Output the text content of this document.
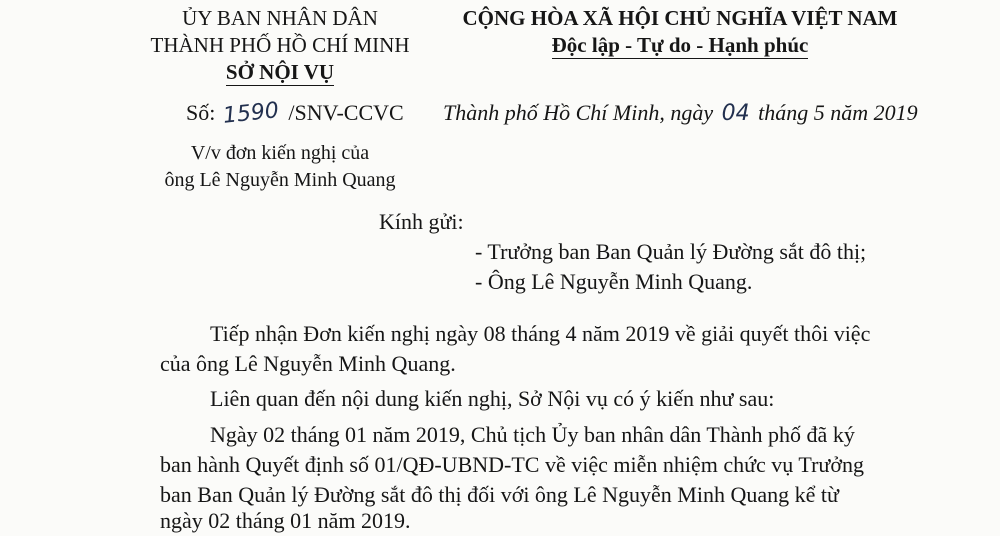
ỦY BAN NHÂN DÂN
THÀNH PHỐ HỒ CHÍ MINH
SỞ NỘI VỤ
CỘNG HÒA XÃ HỘI CHỦ NGHĨA VIỆT NAM
Độc lập - Tự do - Hạnh phúc
Số: 1590 /SNV-CCVC Thành phố Hồ Chí Minh, ngày 04 tháng 5 năm 2019
V/v đơn kiến nghị của
ông Lê Nguyễn Minh Quang
Kính gửi:
- Trưởng ban Ban Quản lý Đường sắt đô thị;
- Ông Lê Nguyễn Minh Quang.
Tiếp nhận Đơn kiến nghị ngày 08 tháng 4 năm 2019 về giải quyết thôi việc
của ông Lê Nguyễn Minh Quang.
Liên quan đến nội dung kiến nghị, Sở Nội vụ có ý kiến như sau:
Ngày 02 tháng 01 năm 2019, Chủ tịch Ủy ban nhân dân Thành phố đã ký
ban hành Quyết định số 01/QĐ-UBND-TC về việc miễn nhiệm chức vụ Trưởng
ban Ban Quản lý Đường sắt đô thị đối với ông Lê Nguyễn Minh Quang kể từ
ngày 02 tháng 01 năm 2019.
